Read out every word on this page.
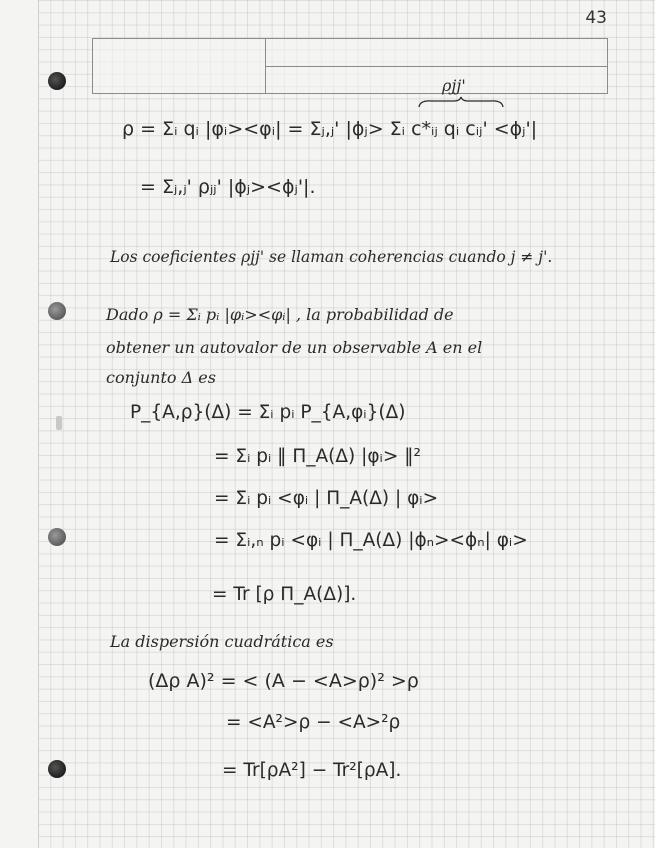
43
ρjj'
ρ = Σᵢ qᵢ |φᵢ><φᵢ| = Σⱼ,ⱼ' |ϕⱼ> Σᵢ c*ᵢⱼ qᵢ cᵢⱼ' <ϕⱼ'|
= Σⱼ,ⱼ' ρⱼⱼ' |ϕⱼ><ϕⱼ'|.
Los coeficientes ρjj' se llaman coherencias cuando j ≠ j'.
Dado ρ = Σᵢ pᵢ |φᵢ><φᵢ| , la probabilidad de
obtener un autovalor de un observable A en el
conjunto Δ es
P_{A,ρ}(Δ) = Σᵢ pᵢ P_{A,φᵢ}(Δ)
= Σᵢ pᵢ ‖ Π_A(Δ) |φᵢ> ‖²
= Σᵢ pᵢ <φᵢ | Π_A(Δ) | φᵢ>
= Σᵢ,ₙ pᵢ <φᵢ | Π_A(Δ) |ϕₙ><ϕₙ| φᵢ>
= Tr [ρ Π_A(Δ)].
La dispersión cuadrática es
(Δρ A)² = < (A − <A>ρ)² >ρ
= <A²>ρ − <A>²ρ
= Tr[ρA²] − Tr²[ρA].
